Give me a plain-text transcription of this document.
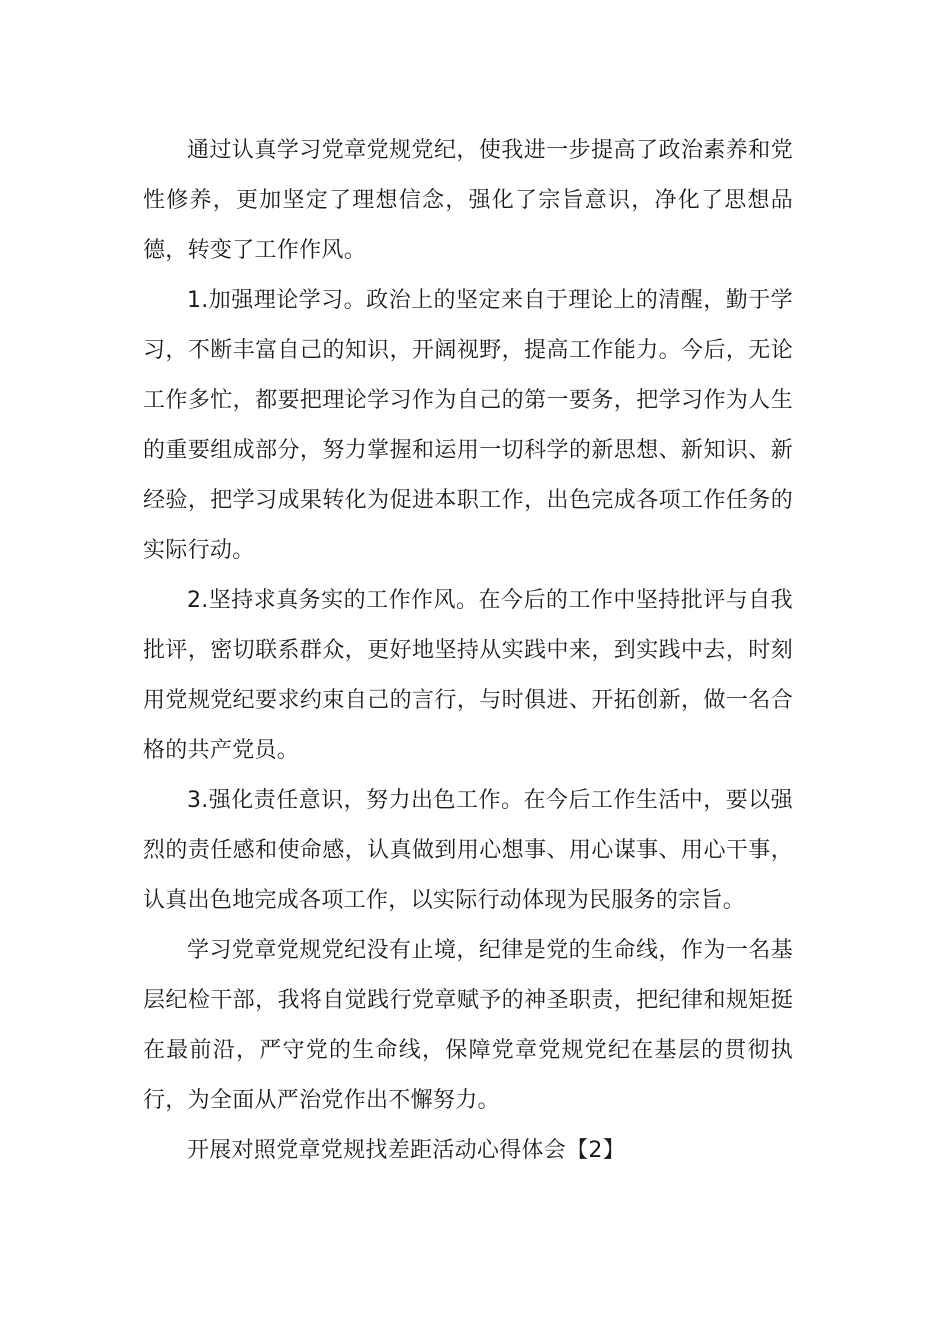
通过认真学习党章党规党纪，使我进一步提高了政治素养和党性修养，更加坚定了理想信念，强化了宗旨意识，净化了思想品德，转变了工作作风。

1.加强理论学习。政治上的坚定来自于理论上的清醒，勤于学习，不断丰富自己的知识，开阔视野，提高工作能力。今后，无论工作多忙，都要把理论学习作为自己的第一要务，把学习作为人生的重要组成部分，努力掌握和运用一切科学的新思想、新知识、新经验，把学习成果转化为促进本职工作，出色完成各项工作任务的实际行动。

2.坚持求真务实的工作作风。在今后的工作中坚持批评与自我批评，密切联系群众，更好地坚持从实践中来，到实践中去，时刻用党规党纪要求约束自己的言行，与时俱进、开拓创新，做一名合格的共产党员。

3.强化责任意识，努力出色工作。在今后工作生活中，要以强烈的责任感和使命感，认真做到用心想事、用心谋事、用心干事，认真出色地完成各项工作，以实际行动体现为民服务的宗旨。

学习党章党规党纪没有止境，纪律是党的生命线，作为一名基层纪检干部，我将自觉践行党章赋予的神圣职责，把纪律和规矩挺在最前沿，严守党的生命线，保障党章党规党纪在基层的贯彻执行，为全面从严治党作出不懈努力。

开展对照党章党规找差距活动心得体会【2】
